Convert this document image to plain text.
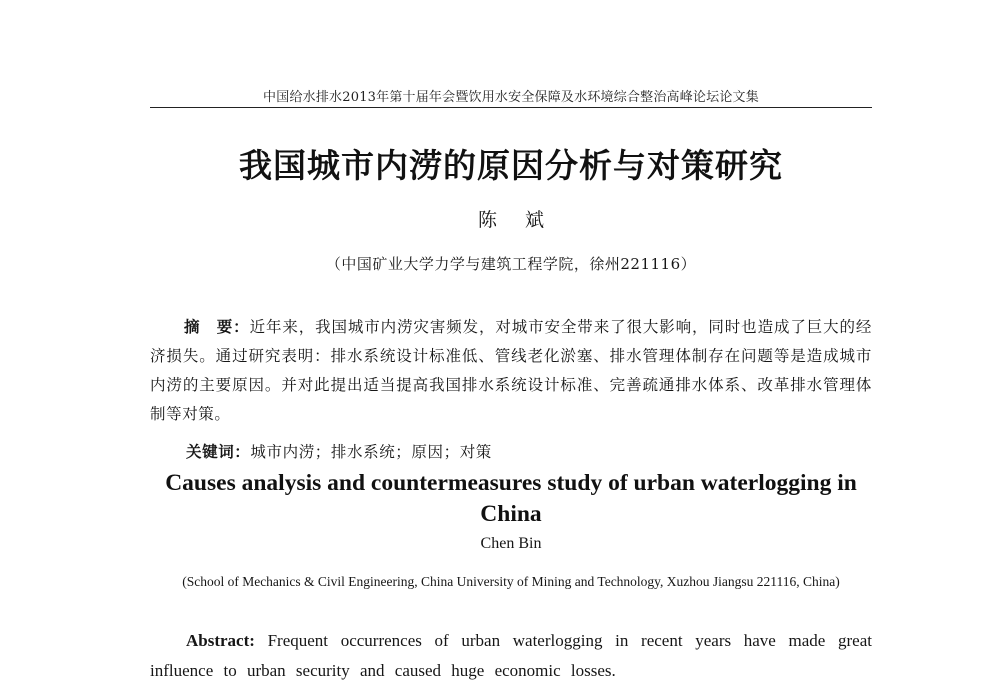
中国给水排水2013年第十届年会暨饮用水安全保障及水环境综合整治高峰论坛论文集
我国城市内涝的原因分析与对策研究
陈斌
（中国矿业大学力学与建筑工程学院，徐州221116）
摘　要：近年来，我国城市内涝灾害频发，对城市安全带来了很大影响，同时也造成了巨大的经济损失。通过研究表明：排水系统设计标准低、管线老化淤塞、排水管理体制存在问题等是造成城市内涝的主要原因。并对此提出适当提高我国排水系统设计标准、完善疏通排水体系、改革排水管理体制等对策。
关键词：城市内涝；排水系统；原因；对策
Causes analysis and countermeasures study of urban waterlogging in China
Chen Bin
(School of Mechanics & Civil Engineering, China University of Mining and Technology, Xuzhou Jiangsu 221116, China)
Abstract: Frequent occurrences of urban waterlogging in recent years have made great influence to urban security and caused huge economic losses.
